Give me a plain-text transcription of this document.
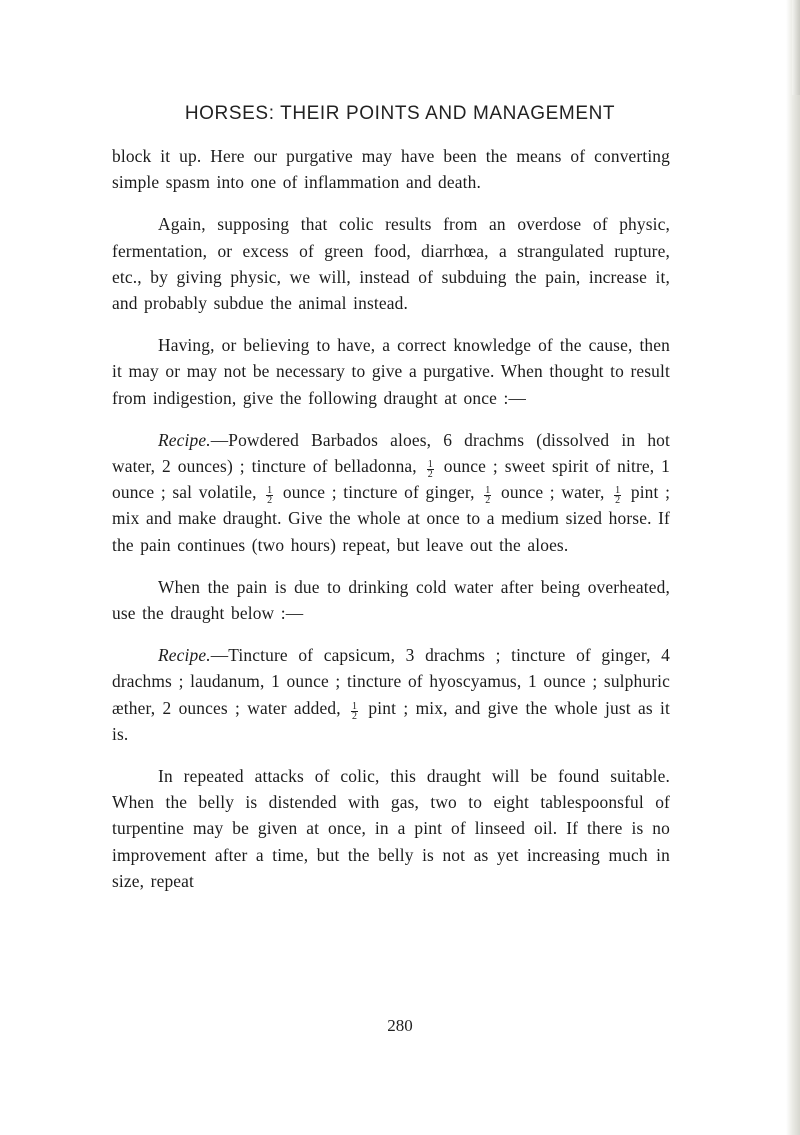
HORSES: THEIR POINTS AND MANAGEMENT

block it up. Here our purgative may have been the means of converting simple spasm into one of inflammation and death.

Again, supposing that colic results from an overdose of physic, fermentation, or excess of green food, diarrhœa, a strangulated rupture, etc., by giving physic, we will, instead of subduing the pain, increase it, and probably subdue the animal instead.

Having, or believing to have, a correct knowledge of the cause, then it may or may not be necessary to give a purgative. When thought to result from indigestion, give the following draught at once :—

Recipe.—Powdered Barbados aloes, 6 drachms (dissolved in hot water, 2 ounces) ; tincture of belladonna, $\frac{1}{2}$ ounce ; sweet spirit of nitre, 1 ounce ; sal volatile, $\frac{1}{2}$ ounce ; tincture of ginger, $\frac{1}{2}$ ounce ; water, $\frac{1}{2}$ pint ; mix and make draught. Give the whole at once to a medium sized horse. If the pain continues (two hours) repeat, but leave out the aloes.

When the pain is due to drinking cold water after being overheated, use the draught below :—

Recipe.—Tincture of capsicum, 3 drachms ; tincture of ginger, 4 drachms ; laudanum, 1 ounce ; tincture of hyoscyamus, 1 ounce ; sulphuric æther, 2 ounces ; water added, $\frac{1}{2}$ pint ; mix, and give the whole just as it is.

In repeated attacks of colic, this draught will be found suitable. When the belly is distended with gas, two to eight tablespoonsful of turpentine may be given at once, in a pint of linseed oil. If there is no improvement after a time, but the belly is not as yet increasing much in size, repeat

280
